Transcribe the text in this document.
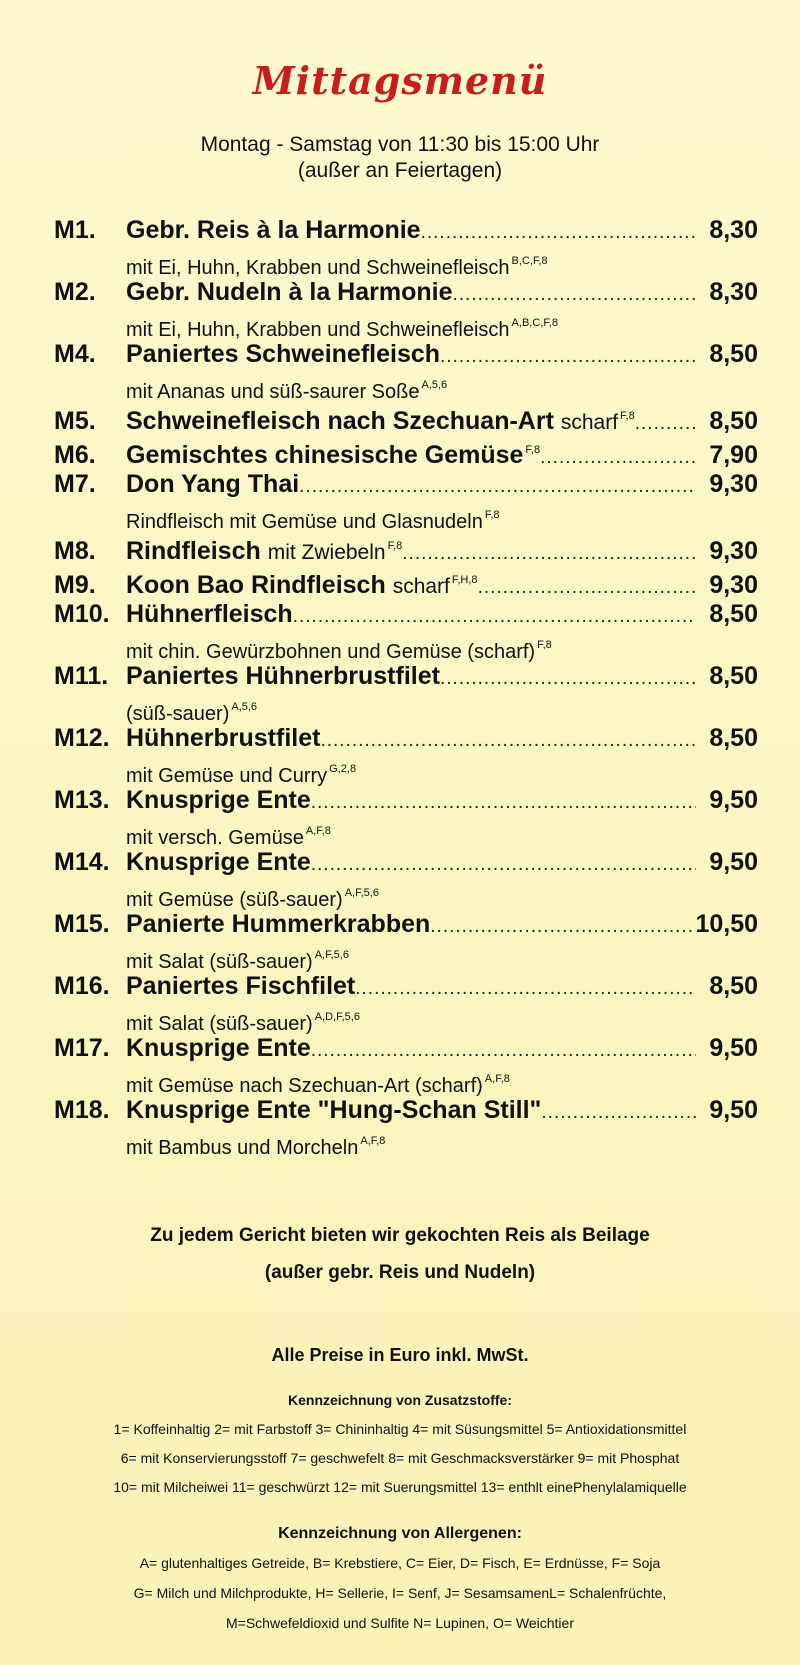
Mittagsmenü
Montag - Samstag von 11:30 bis 15:00 Uhr
(außer an Feiertagen)
M1.	Gebr. Reis à la Harmonie .....	8,30
mit Ei, Huhn, Krabben und Schweinefleisch $^{B,C,F,8}$
M2.	Gebr. Nudeln à la Harmonie .....	8,30
mit Ei, Huhn, Krabben und Schweinefleisch $^{A,B,C,F,8}$
M4.	Paniertes Schweinefleisch .....	8,50
mit Ananas und süß-saurer Soße $^{A,5,6}$
M5.	Schweinefleisch nach Szechuan-Art scharf $^{F,8}$ .....	8,50
M6.	Gemischtes chinesische Gemüse $^{F,8}$ .....	7,90
M7.	Don Yang Thai .....	9,30
Rindfleisch mit Gemüse und Glasnudeln $^{F,8}$
M8.	Rindfleisch mit Zwiebeln $^{F,8}$ .....	9,30
M9.	Koon Bao Rindfleisch scharf $^{F,H,8}$ .....	9,30
M10. Hühnerfleisch .....	8,50
mit chin. Gewürzbohnen und Gemüse (scharf) $^{F,8}$
M11. Paniertes Hühnerbrustfilet .....	8,50
(süß-sauer) $^{A,5,6}$
M12. Hühnerbrustfilet .....	8,50
mit Gemüse und Curry $^{G,2,8}$
M13. Knusprige Ente .....	9,50
mit versch. Gemüse $^{A,F,8}$
M14. Knusprige Ente .....	9,50
mit Gemüse (süß-sauer) $^{A,F,5,6}$
M15. Panierte Hummerkrabben .....	10,50
mit Salat (süß-sauer) $^{A,F,5,6}$
M16. Paniertes Fischfilet .....	8,50
mit Salat (süß-sauer) $^{A,D,F,5,6}$
M17. Knusprige Ente .....	9,50
mit Gemüse nach Szechuan-Art (scharf) $^{A,F,8}$
M18. Knusprige Ente "Hung-Schan Still" .....	9,50
mit Bambus und Morcheln $^{A,F,8}$
Zu jedem Gericht bieten wir gekochten Reis als Beilage
(außer gebr. Reis und Nudeln)
Alle Preise in Euro inkl. MwSt.
Kennzeichnung von Zusatzstoffe:
1= Koffeinhaltig 2= mit Farbstoff 3= Chininhaltig 4= mit Süsungsmittel 5= Antioxidationsmittel
6= mit Konservierungsstoff 7= geschwefelt 8= mit Geschmacksverstärker 9= mit Phosphat
10= mit Milcheiwei 11= geschwürzt 12= mit Suerungsmittel 13= enthlt einePhenylalamiquelle
Kennzeichnung von Allergenen:
A= glutenhaltiges Getreide, B= Krebstiere, C= Eier, D= Fisch, E= Erdnüsse, F= Soja
G= Milch und Milchprodukte, H= Sellerie, I= Senf, J= SesamsamenL= Schalenfrüchte,
M=Schwefeldioxid und Sulfite N= Lupinen, O= Weichtier
